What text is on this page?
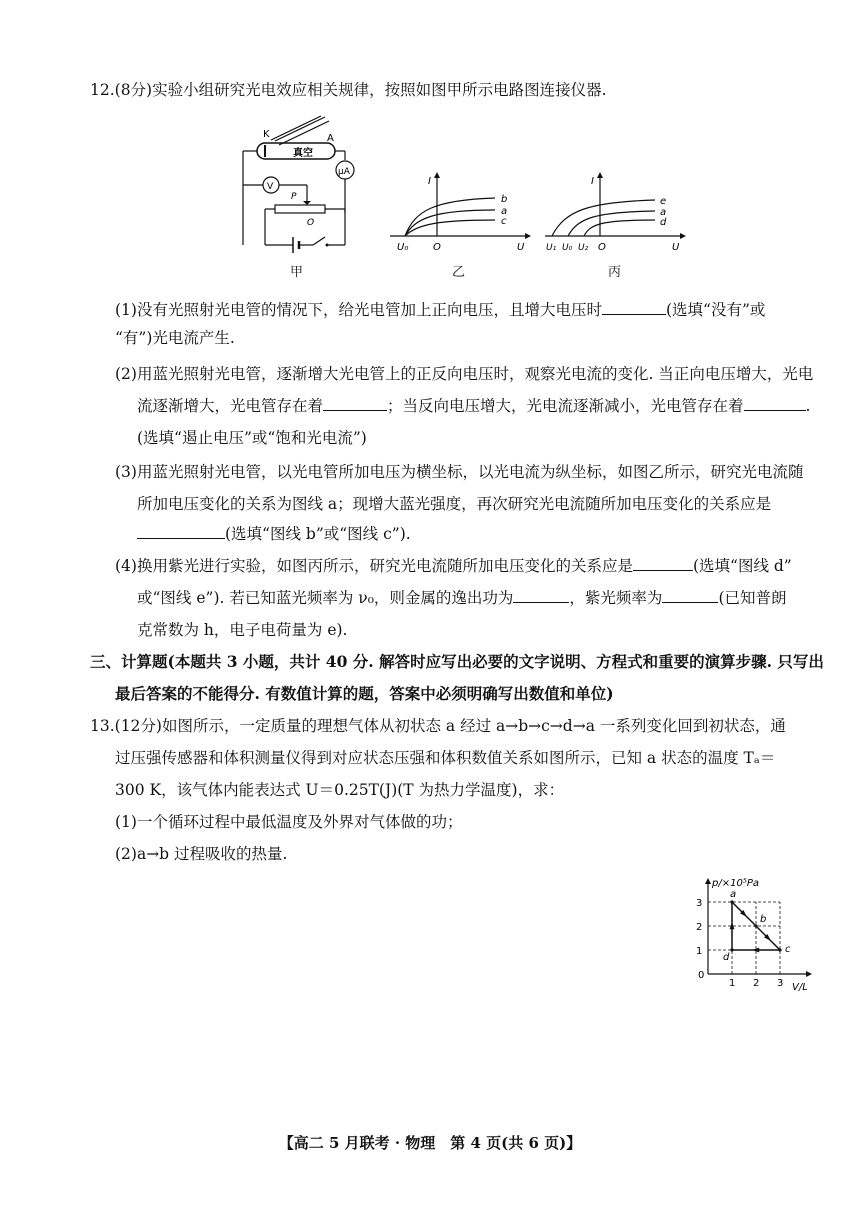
12.(8分)实验小组研究光电效应相关规律，按照如图甲所示电路图连接仪器.
K	A
真空
μA
V
P
O
甲
I
b
a
c
U₀ O	U
乙
I
e
a
d
U₁ U₀ U₂ O	U
丙
(1)没有光照射光电管的情况下，给光电管加上正向电压，且增大电压时	(选填“没有”或
“有”)光电流产生.
(2)用蓝光照射光电管，逐渐增大光电管上的正反向电压时，观察光电流的变化. 当正向电压增大，光电
流逐渐增大，光电管存在着	；当反向电压增大，光电流逐渐减小，光电管存在着	.
(选填“遏止电压”或“饱和光电流”)
(3)用蓝光照射光电管，以光电管所加电压为横坐标，以光电流为纵坐标，如图乙所示，研究光电流随
所加电压变化的关系为图线 a；现增大蓝光强度，再次研究光电流随所加电压变化的关系应是
(选填“图线 b”或“图线 c”).
(4)换用紫光进行实验，如图丙所示，研究光电流随所加电压变化的关系应是	(选填“图线 d”
或“图线 e”). 若已知蓝光频率为 ν₀，则金属的逸出功为	，紫光频率为	(已知普朗
克常数为 h，电子电荷量为 e).
三、计算题(本题共 3 小题，共计 40 分. 解答时应写出必要的文字说明、方程式和重要的演算步骤. 只写出
最后答案的不能得分. 有数值计算的题，答案中必须明确写出数值和单位)
13.(12分)如图所示，一定质量的理想气体从初状态 a 经过 a→b→c→d→a 一系列变化回到初状态，通
过压强传感器和体积测量仪得到对应状态压强和体积数值关系如图所示，已知 a 状态的温度 Tₐ＝
300 K，该气体内能表达式 U＝0.25T(J)(T 为热力学温度)，求：
(1)一个循环过程中最低温度及外界对气体做的功；
(2)a→b 过程吸收的热量.
p/×10⁵Pa
V/L
0
1 2 3
1
2
3
a
b
c
d
【高二 5 月联考 · 物理　第 4 页(共 6 页)】
